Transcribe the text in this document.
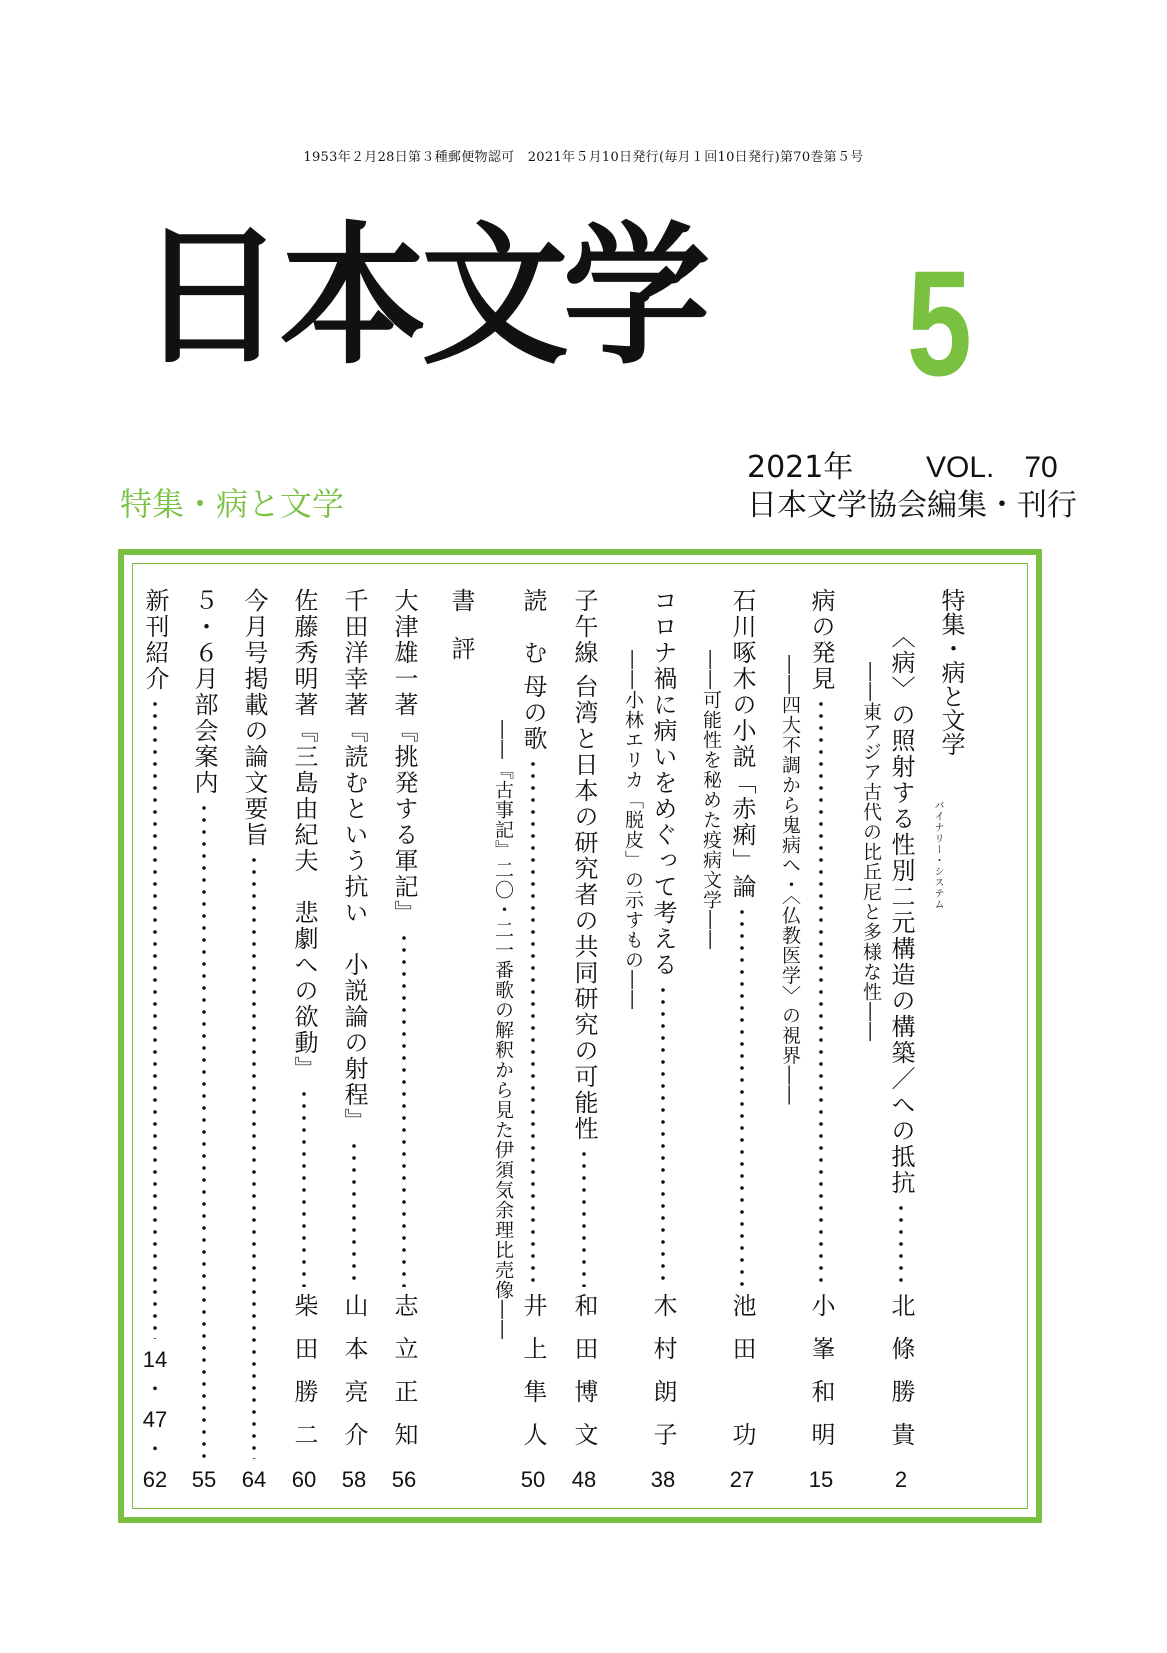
1953年２月28日第３種郵便物認可　2021年５月10日発行(毎月１回10日発行)第70巻第５号
日本文学 5
2021年 VOL.　70
日本文学協会編集・刊行
特集・病と文学
特集・病と文学
〈病〉の照射する性別二元構造の構築／への抵抗
北條勝貴
2
バイナリー・システム
――東アジア古代の比丘尼と多様な性――
病の発見
小峯和明
15
――四大不調から鬼病へ・〈仏教医学〉の視界――
石川啄木の小説「赤痢」論
池田　功
27
――可能性を秘めた疫病文学――
コロナ禍に病いをめぐって考える
木村朗子
38
――小林エリカ「脱皮」の示すもの――
子午線
台湾と日本の研究者の共同研究の可能性
和田博文
48
読　む
母の歌
井上隼人
50
――『古事記』二〇・二一番歌の解釈から見た伊須気余理比売像――
書　評
大津雄一著『挑発する軍記』
志立正知
56
千田洋幸著『読むという抗い　小説論の射程』
山本亮介
58
佐藤秀明著『三島由紀夫　悲劇への欲動』
柴田勝二
60
今月号掲載の論文要旨
64
５・６月部会案内
55
新刊紹介
14
・
47
・
62
